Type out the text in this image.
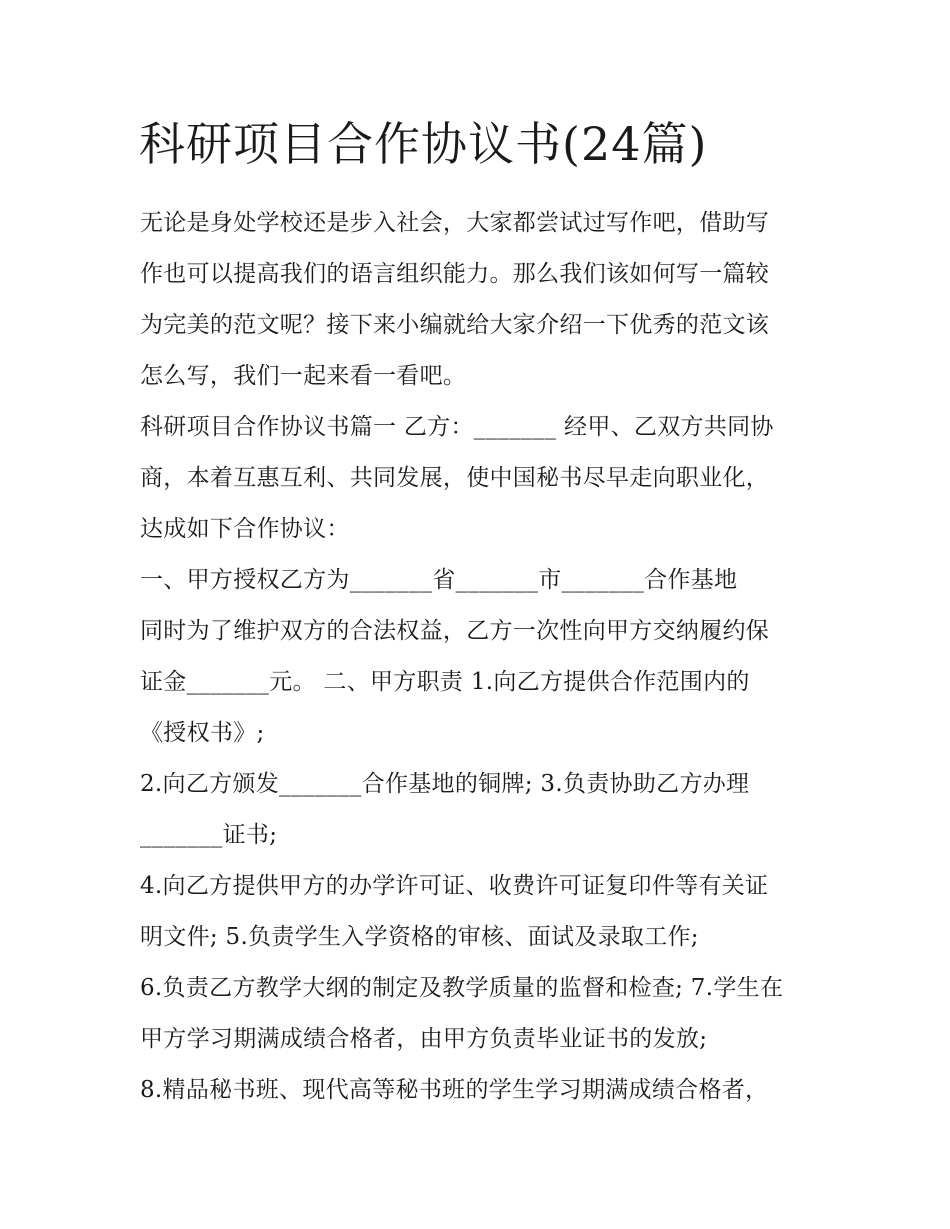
科研项目合作协议书(24篇)
无论是身处学校还是步入社会，大家都尝试过写作吧，借助写
作也可以提高我们的语言组织能力。那么我们该如何写一篇较
为完美的范文呢？接下来小编就给大家介绍一下优秀的范文该
怎么写，我们一起来看一看吧。
科研项目合作协议书篇一 乙方：_______ 经甲、乙双方共同协
商，本着互惠互利、共同发展，使中国秘书尽早走向职业化，
达成如下合作协议：
一、甲方授权乙方为_______省_______市_______合作基地
同时为了维护双方的合法权益，乙方一次性向甲方交纳履约保
证金_______元。 二、甲方职责 1.向乙方提供合作范围内的
《授权书》;
2.向乙方颁发_______合作基地的铜牌; 3.负责协助乙方办理
_______证书;
4.向乙方提供甲方的办学许可证、收费许可证复印件等有关证
明文件; 5.负责学生入学资格的审核、面试及录取工作;
6.负责乙方教学大纲的制定及教学质量的监督和检查; 7.学生在
甲方学习期满成绩合格者，由甲方负责毕业证书的发放;
8.精品秘书班、现代高等秘书班的学生学习期满成绩合格者，
